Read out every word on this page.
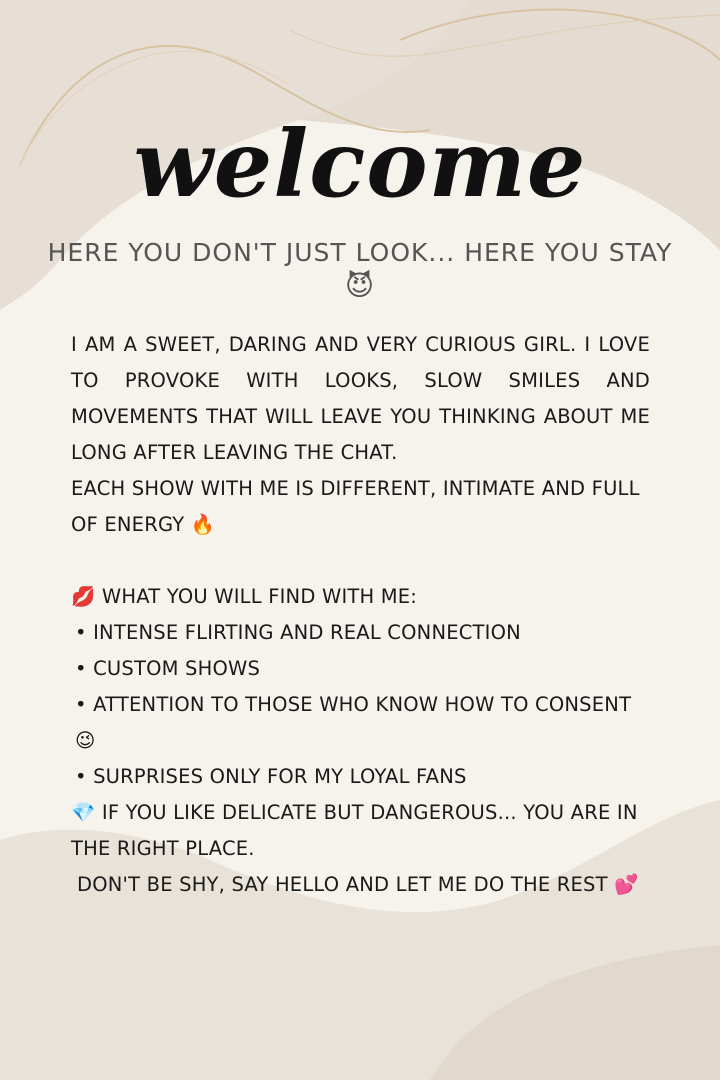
welcome
HERE YOU DON'T JUST LOOK... HERE YOU STAY
😈

I AM A SWEET, DARING AND VERY CURIOUS GIRL. I LOVE TO PROVOKE WITH LOOKS, SLOW SMILES AND MOVEMENTS THAT WILL LEAVE YOU THINKING ABOUT ME LONG AFTER LEAVING THE CHAT.

EACH SHOW WITH ME IS DIFFERENT, INTIMATE AND FULL OF ENERGY 🔥

💋 WHAT YOU WILL FIND WITH ME:

• INTENSE FLIRTING AND REAL CONNECTION

• CUSTOM SHOWS

• ATTENTION TO THOSE WHO KNOW HOW TO CONSENT
😉

• SURPRISES ONLY FOR MY LOYAL FANS

💎 IF YOU LIKE DELICATE BUT DANGEROUS... YOU ARE IN THE RIGHT PLACE.

DON'T BE SHY, SAY HELLO AND LET ME DO THE REST 💕
